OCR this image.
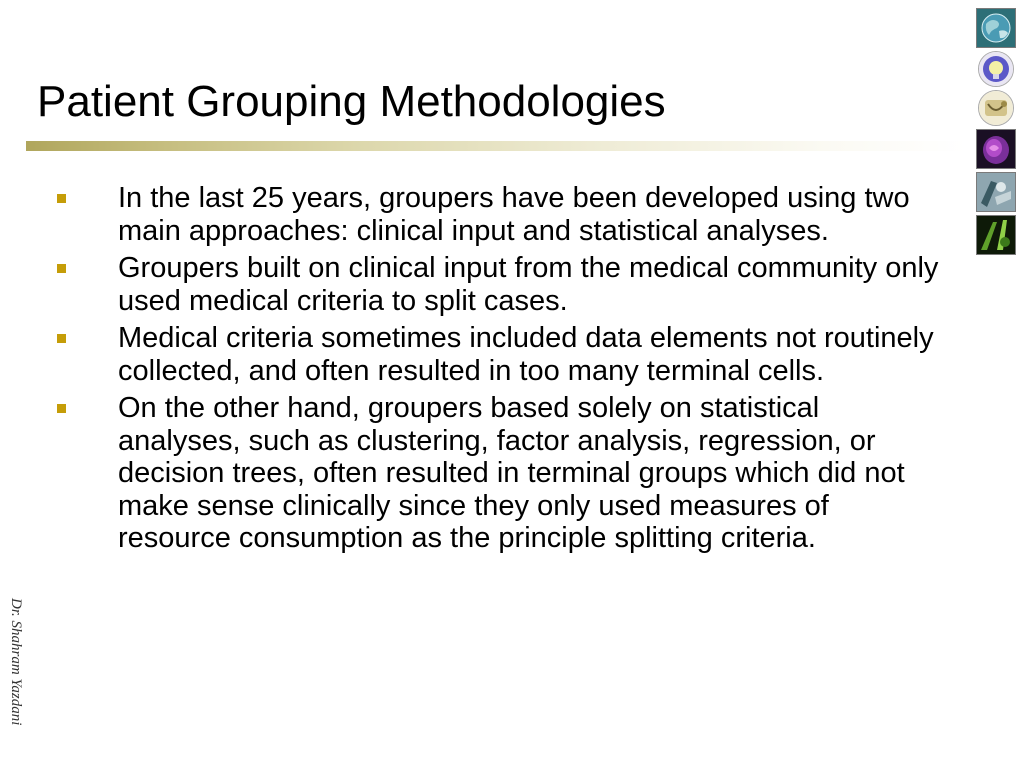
Patient Grouping Methodologies
In the last 25 years, groupers have been developed using two main approaches: clinical input and statistical analyses.
Groupers built on clinical input from the medical community only used medical criteria to split cases.
Medical criteria sometimes included data elements not routinely collected, and often resulted in too many terminal cells.
On the other hand, groupers based solely on statistical analyses, such as clustering, factor analysis, regression, or decision trees, often resulted in terminal groups which did not make sense clinically since they only used measures of resource consumption as the principle splitting criteria.
Dr. Shahram Yazdani
